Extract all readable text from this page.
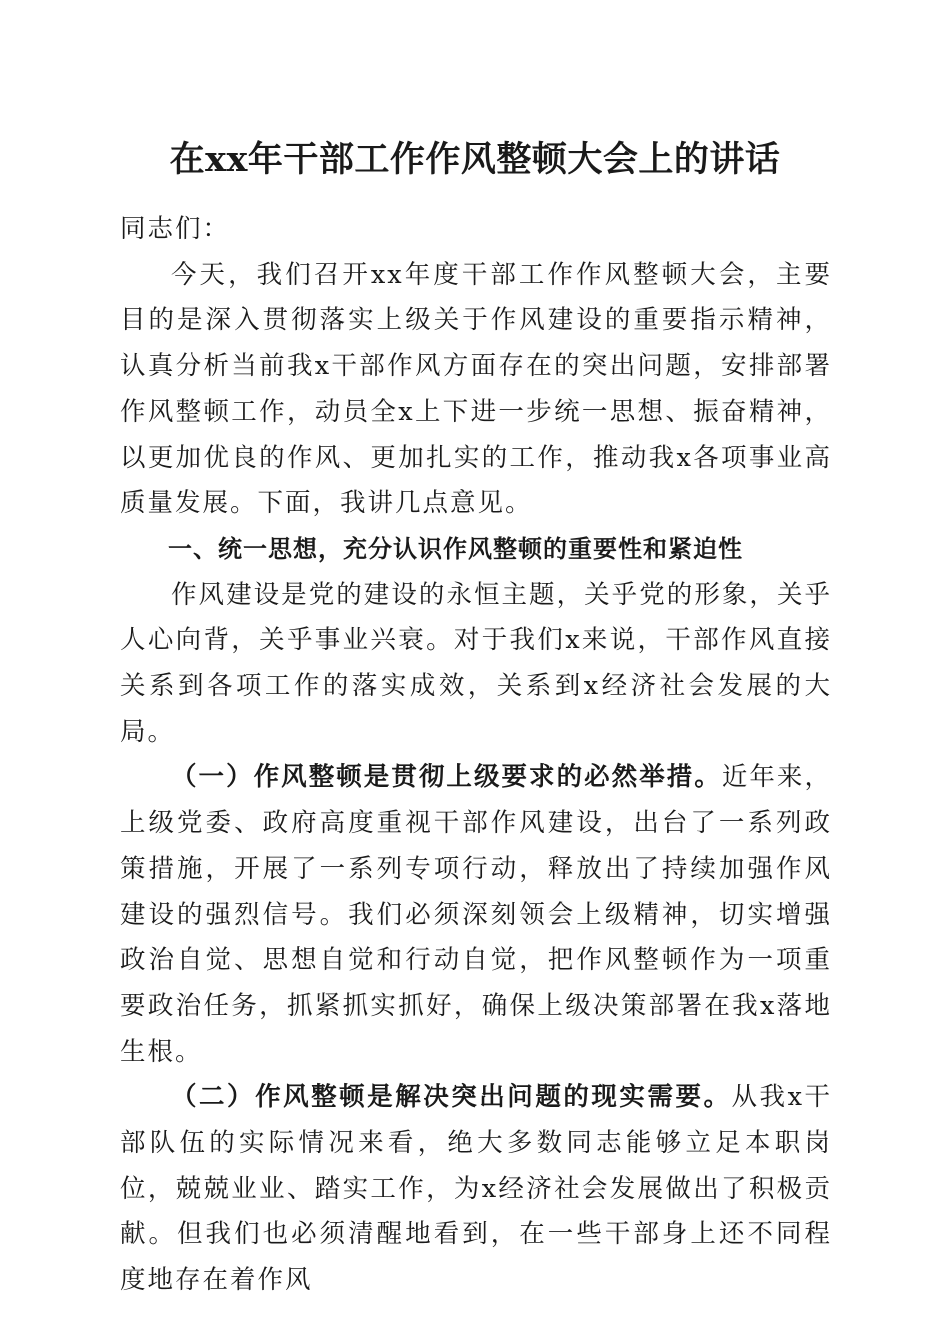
在xx年干部工作作风整顿大会上的讲话

同志们：

今天，我们召开xx年度干部工作作风整顿大会，主要目的是深入贯彻落实上级关于作风建设的重要指示精神，认真分析当前我x干部作风方面存在的突出问题，安排部署作风整顿工作，动员全x上下进一步统一思想、振奋精神，以更加优良的作风、更加扎实的工作，推动我x各项事业高质量发展。下面，我讲几点意见。

一、统一思想，充分认识作风整顿的重要性和紧迫性

作风建设是党的建设的永恒主题，关乎党的形象，关乎人心向背，关乎事业兴衰。对于我们x来说，干部作风直接关系到各项工作的落实成效，关系到x经济社会发展的大局。

（一）作风整顿是贯彻上级要求的必然举措。近年来，上级党委、政府高度重视干部作风建设，出台了一系列政策措施，开展了一系列专项行动，释放出了持续加强作风建设的强烈信号。我们必须深刻领会上级精神，切实增强政治自觉、思想自觉和行动自觉，把作风整顿作为一项重要政治任务，抓紧抓实抓好，确保上级决策部署在我x落地生根。

（二）作风整顿是解决突出问题的现实需要。从我x干部队伍的实际情况来看，绝大多数同志能够立足本职岗位，兢兢业业、踏实工作，为x经济社会发展做出了积极贡献。但我们也必须清醒地看到，在一些干部身上还不同程度地存在着作风
